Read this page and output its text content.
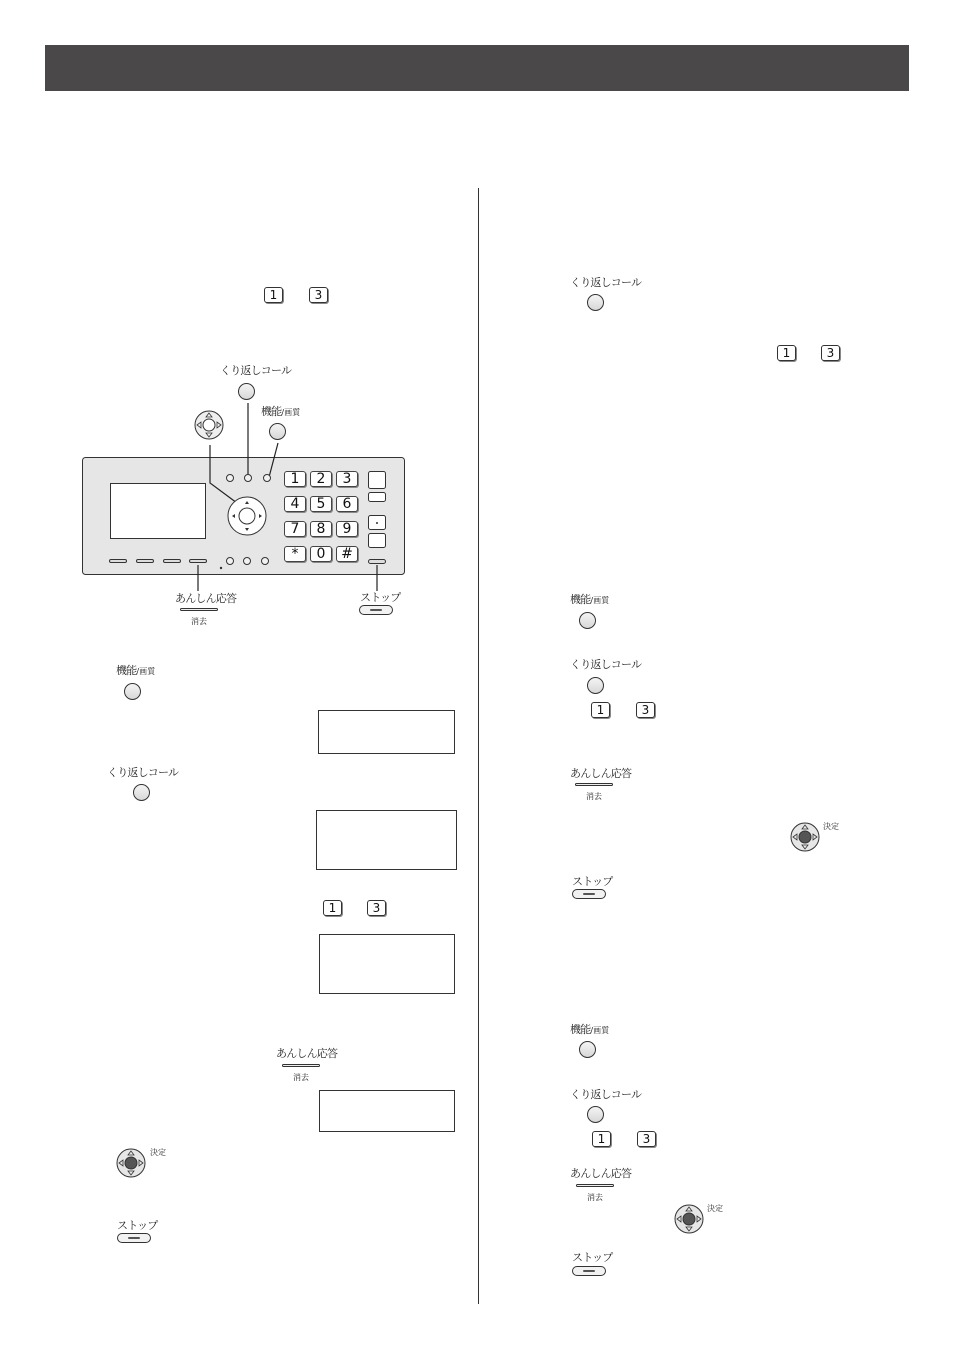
1	3
1	2	3
4	5	6
7	8	9
*	0	#
くり返しコール
機能/画質
あんしん応答
消去
ストップ
機能/画質
くり返しコール
1	3
あんしん応答
消去
決定
ストップ
くり返しコール
1	3
機能/画質
くり返しコール
1	3
あんしん応答
消去
決定
ストップ
機能/画質
くり返しコール
1	3
あんしん応答
消去
決定
ストップ
